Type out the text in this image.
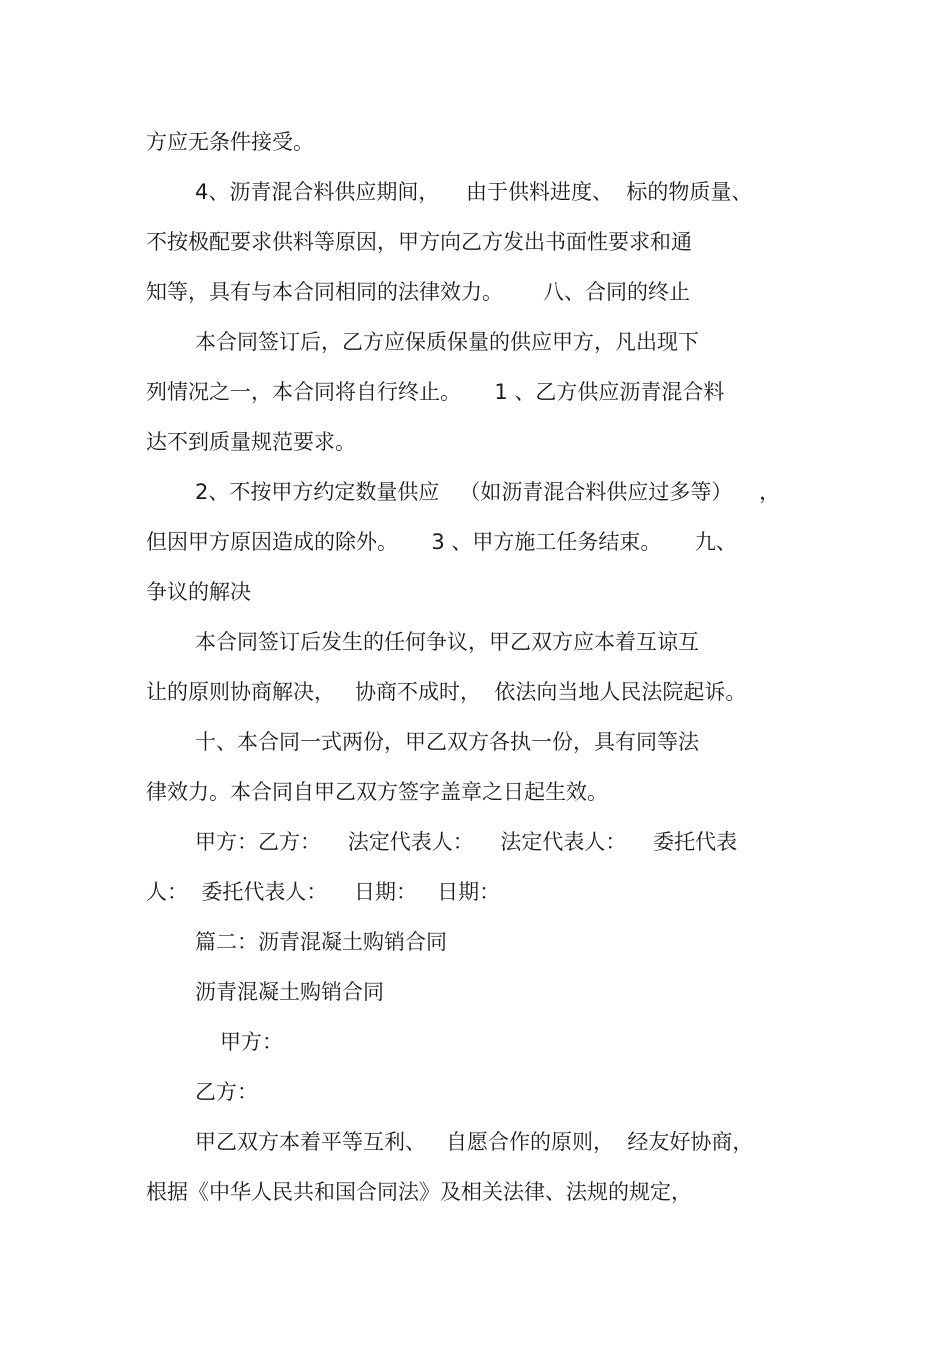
方应无条件接受。
4、沥青混合料供应期间，    由于供料进度、  标的物质量、
不按极配要求供料等原因，甲方向乙方发出书面性要求和通
知等，具有与本合同相同的法律效力。      八、合同的终止
本合同签订后，乙方应保质保量的供应甲方，凡出现下
列情况之一，本合同将自行终止。     1 、乙方供应沥青混合料
达不到质量规范要求。
2、不按甲方约定数量供应   （如沥青混合料供应过多等）    ，
但因甲方原因造成的除外。     3 、甲方施工任务结束。     九、
争议的解决
本合同签订后发生的任何争议，甲乙双方应本着互谅互
让的原则协商解决，   协商不成时，  依法向当地人民法院起诉。
十、本合同一式两份，甲乙双方各执一份，具有同等法
律效力。本合同自甲乙双方签字盖章之日起生效。
甲方：乙方：    法定代表人：    法定代表人：    委托代表
人：  委托代表人：    日期：   日期：
篇二：沥青混凝土购销合同
沥青混凝土购销合同
甲方：
乙方：
甲乙双方本着平等互利、   自愿合作的原则，  经友好协商，
根据《中华人民共和国合同法》及相关法律、法规的规定，
